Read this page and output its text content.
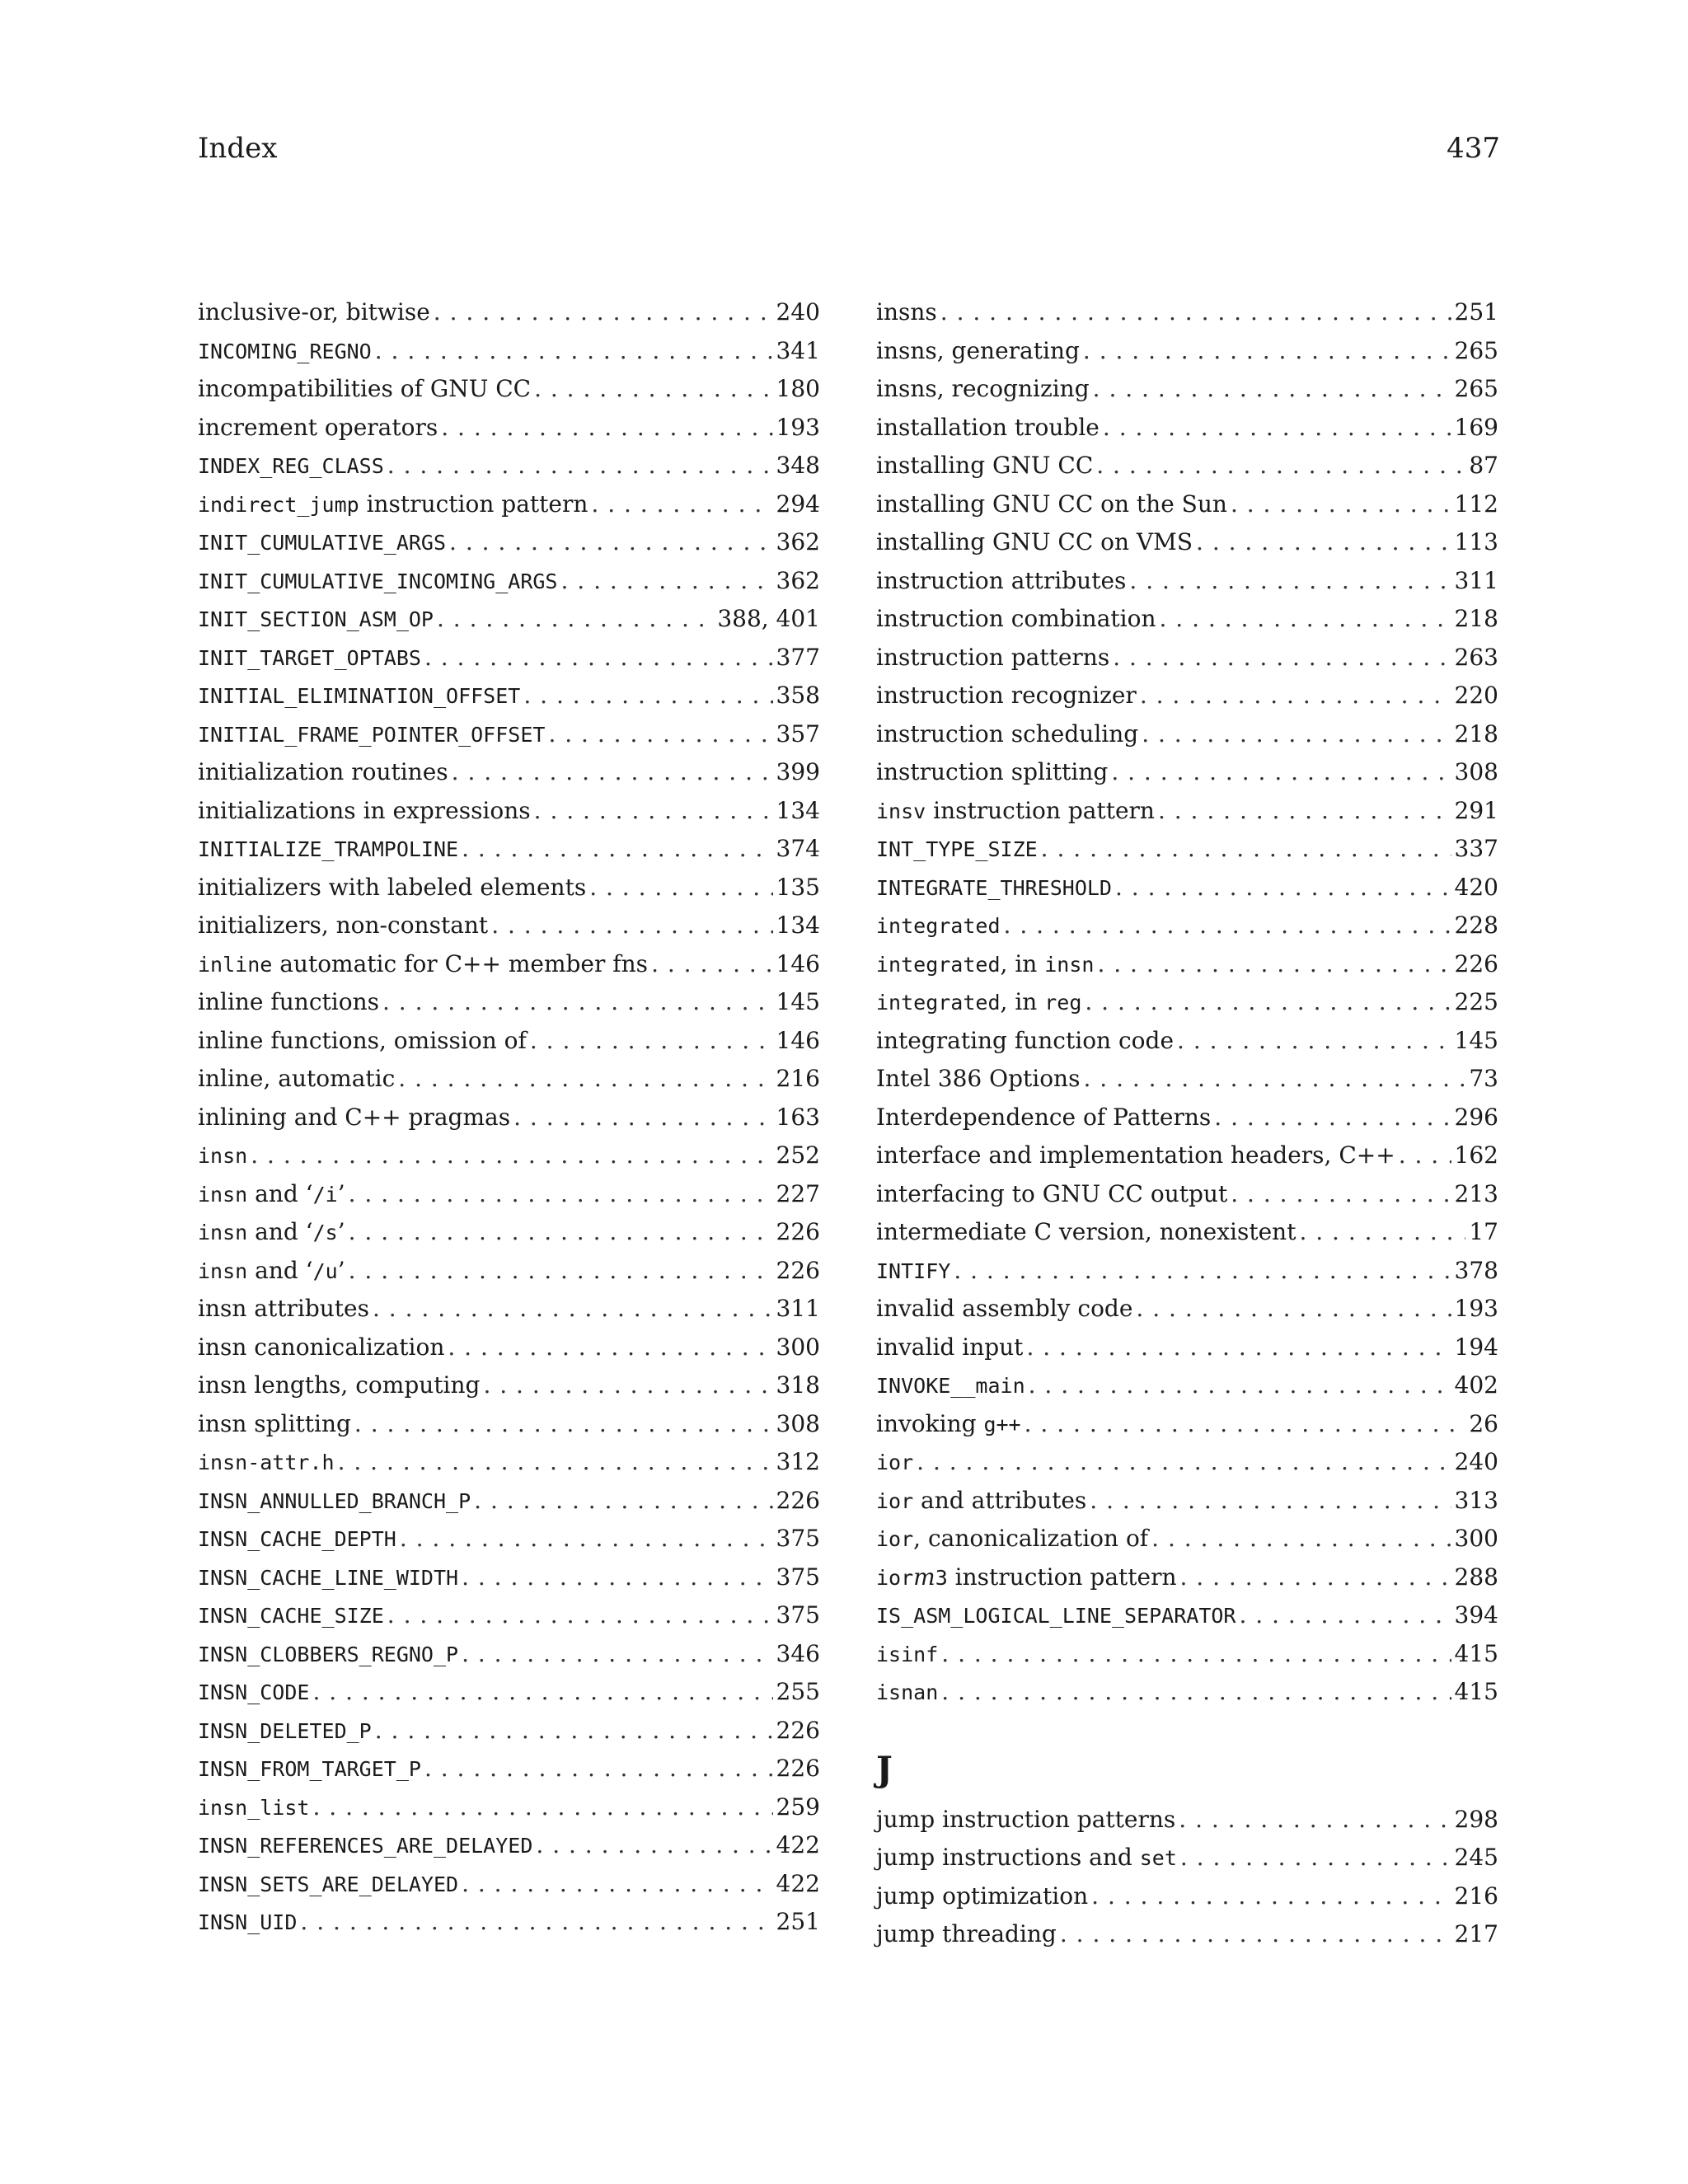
Index	437
inclusive-or, bitwise . . .	240
INCOMING_REGNO . . .	341
incompatibilities of GNU CC . . .	180
increment operators . . .	193
INDEX_REG_CLASS . . .	348
indirect_jump instruction pattern . . .	294
INIT_CUMULATIVE_ARGS . . .	362
INIT_CUMULATIVE_INCOMING_ARGS . . .	362
INIT_SECTION_ASM_OP . . .	388, 401
INIT_TARGET_OPTABS . . .	377
INITIAL_ELIMINATION_OFFSET . . .	358
INITIAL_FRAME_POINTER_OFFSET . . .	357
initialization routines . . .	399
initializations in expressions . . .	134
INITIALIZE_TRAMPOLINE . . .	374
initializers with labeled elements . . .	135
initializers, non-constant . . .	134
inline automatic for C++ member fns . . .	146
inline functions . . .	145
inline functions, omission of . . .	146
inline, automatic . . .	216
inlining and C++ pragmas . . .	163
insn . . .	252
insn and ‘/i’ . . .	227
insn and ‘/s’ . . .	226
insn and ‘/u’ . . .	226
insn attributes . . .	311
insn canonicalization . . .	300
insn lengths, computing . . .	318
insn splitting . . .	308
insn-attr.h . . .	312
INSN_ANNULLED_BRANCH_P . . .	226
INSN_CACHE_DEPTH . . .	375
INSN_CACHE_LINE_WIDTH . . .	375
INSN_CACHE_SIZE . . .	375
INSN_CLOBBERS_REGNO_P . . .	346
INSN_CODE . . .	255
INSN_DELETED_P . . .	226
INSN_FROM_TARGET_P . . .	226
insn_list . . .	259
INSN_REFERENCES_ARE_DELAYED . . .	422
INSN_SETS_ARE_DELAYED . . .	422
INSN_UID . . .	251
insns . . .	251
insns, generating . . .	265
insns, recognizing . . .	265
installation trouble . . .	169
installing GNU CC . . .	87
installing GNU CC on the Sun . . .	112
installing GNU CC on VMS . . .	113
instruction attributes . . .	311
instruction combination . . .	218
instruction patterns . . .	263
instruction recognizer . . .	220
instruction scheduling . . .	218
instruction splitting . . .	308
insv instruction pattern . . .	291
INT_TYPE_SIZE . . .	337
INTEGRATE_THRESHOLD . . .	420
integrated . . .	228
integrated, in insn . . .	226
integrated, in reg . . .	225
integrating function code . . .	145
Intel 386 Options . . .	73
Interdependence of Patterns . . .	296
interface and implementation headers, C++ . . .	162
interfacing to GNU CC output . . .	213
intermediate C version, nonexistent . . .	17
INTIFY . . .	378
invalid assembly code . . .	193
invalid input . . .	194
INVOKE__main . . .	402
invoking g++ . . .	26
ior . . .	240
ior and attributes . . .	313
ior, canonicalization of . . .	300
iorm3 instruction pattern . . .	288
IS_ASM_LOGICAL_LINE_SEPARATOR . . .	394
isinf . . .	415
isnan . . .	415
J
jump instruction patterns . . .	298
jump instructions and set . . .	245
jump optimization . . .	216
jump threading . . .	217
